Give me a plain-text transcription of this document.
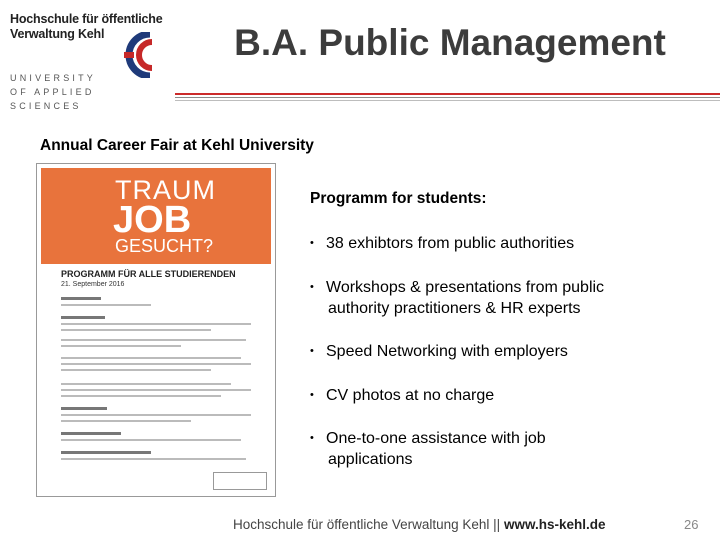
Hochschule für öffentliche
Verwaltung Kehl
UNIVERSITY
OF APPLIED SCIENCES
B.A. Public Management
Annual Career Fair at Kehl University
TRAUM
JOB
GESUCHT?
PROGRAMM FÜR ALLE STUDIERENDEN
21. September 2016
Programm for students:
• 38 exhibtors from public authorities
• Workshops & presentations from public
authority practitioners & HR experts
• Speed Networking with employers
• CV photos at no charge
• One-to-one assistance with job
applications
Hochschule für öffentliche Verwaltung Kehl || www.hs-kehl.de	26
